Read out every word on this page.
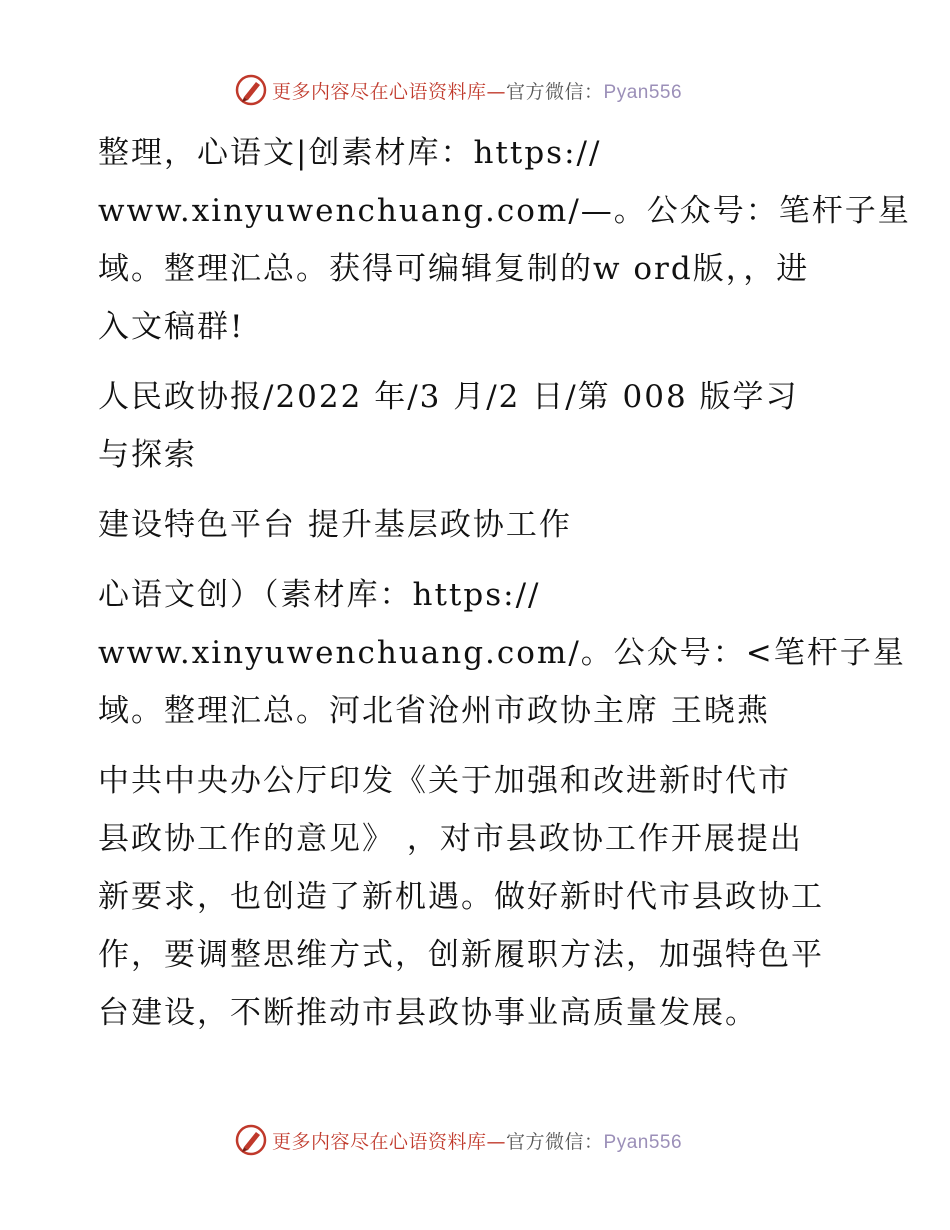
更多内容尽在心语资料库—官方微信：Pyan556

整理，心语文|创素材库：https://
www.xinyuwenchuang.com/—。公众号：笔杆子星
域。整理汇总。获得可编辑复制的w ord版，，进
入文稿群!

人民政协报/2022 年/3 月/2 日/第 008 版学习
与探索

建设特色平台 提升基层政协工作

心语文创）（素材库：https://
www.xinyuwenchuang.com/。公众号：<笔杆子星
域。整理汇总。河北省沧州市政协主席 王晓燕

中共中央办公厅印发《关于加强和改进新时代市
县政协工作的意见》 ，对市县政协工作开展提出
新要求，也创造了新机遇。做好新时代市县政协工
作，要调整思维方式，创新履职方法，加强特色平
台建设，不断推动市县政协事业高质量发展。

更多内容尽在心语资料库—官方微信：Pyan556
